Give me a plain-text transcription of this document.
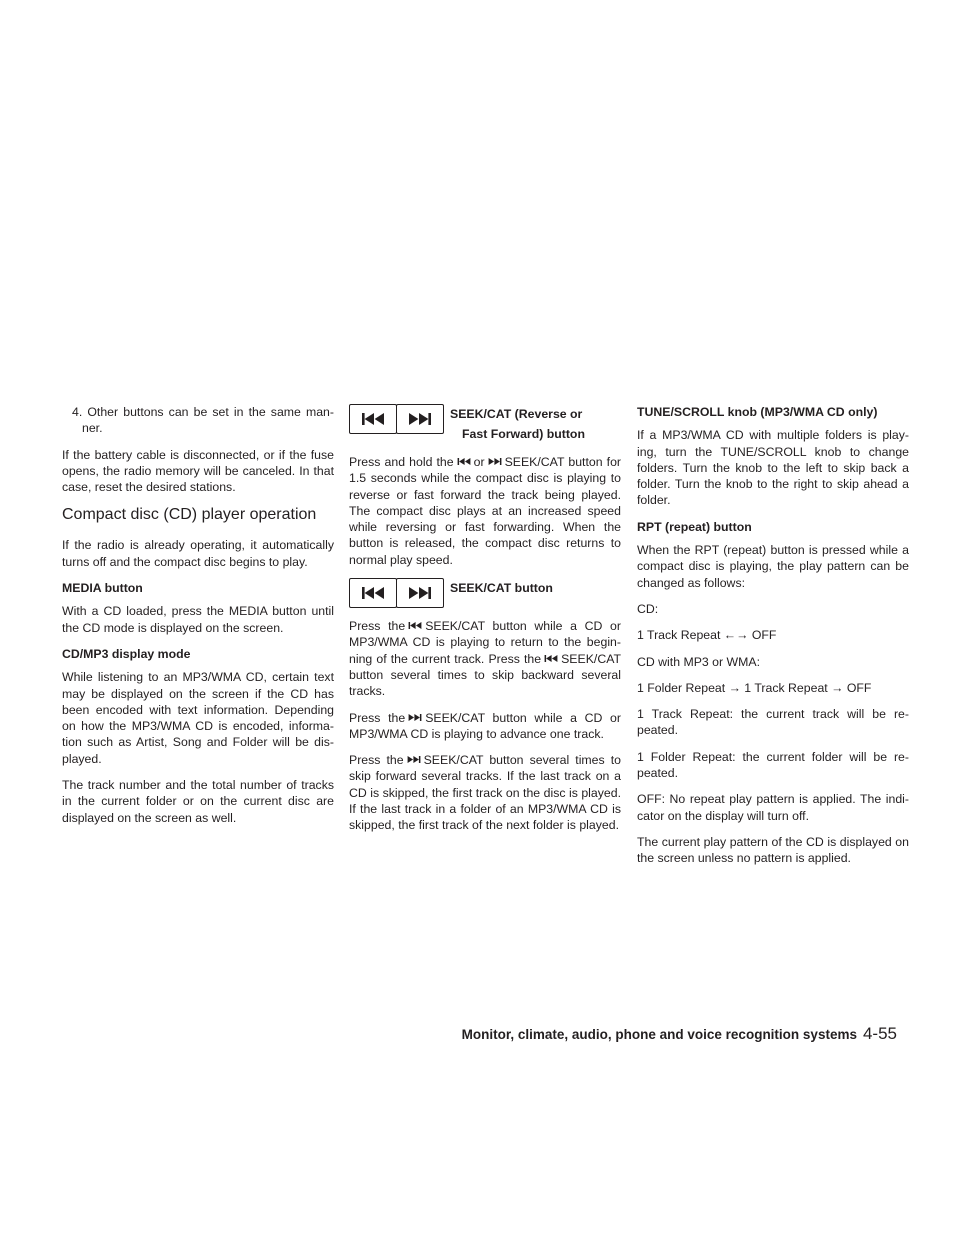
4. Other buttons can be set in the same man- ner.

If the battery cable is disconnected, or if the fuse opens, the radio memory will be canceled. In that case, reset the desired stations.

Compact disc (CD) player operation

If the radio is already operating, it automatically turns off and the compact disc begins to play.

MEDIA button

With a CD loaded, press the MEDIA button until the CD mode is displayed on the screen.

CD/MP3 display mode

While listening to an MP3/WMA CD, certain text may be displayed on the screen if the CD has been encoded with text information. Depending on how the MP3/WMA CD is encoded, informa- tion such as Artist, Song and Folder will be dis- played.

The track number and the total number of tracks in the current folder or on the current disc are displayed on the screen as well.

SEEK/CAT (Reverse or
Fast Forward) button

Press and hold the or SEEK/CAT button for 1.5 seconds while the compact disc is playing to reverse or fast forward the track being played. The compact disc plays at an increased speed while reversing or fast forwarding. When the button is released, the compact disc returns to normal play speed.

SEEK/CAT button

Press the SEEK/CAT button while a CD or MP3/WMA CD is playing to return to the begin- ning of the current track. Press the SEEK/CAT button several times to skip backward several tracks.

Press the SEEK/CAT button while a CD or MP3/WMA CD is playing to advance one track.

Press the SEEK/CAT button several times to skip forward several tracks. If the last track on a CD is skipped, the first track on the disc is played. If the last track in a folder of an MP3/WMA CD is skipped, the first track of the next folder is played.

TUNE/SCROLL knob (MP3/WMA CD only)

If a MP3/WMA CD with multiple folders is play- ing, turn the TUNE/SCROLL knob to change folders. Turn the knob to the left to skip back a folder. Turn the knob to the right to skip ahead a folder.

RPT (repeat) button

When the RPT (repeat) button is pressed while a compact disc is playing, the play pattern can be changed as follows:

CD:

1 Track Repeat ←→ OFF

CD with MP3 or WMA:

1 Folder Repeat → 1 Track Repeat → OFF

1 Track Repeat: the current track will be re- peated.

1 Folder Repeat: the current folder will be re- peated.

OFF: No repeat play pattern is applied. The indi- cator on the display will turn off.

The current play pattern of the CD is displayed on the screen unless no pattern is applied.

Monitor, climate, audio, phone and voice recognition systems 4-55
